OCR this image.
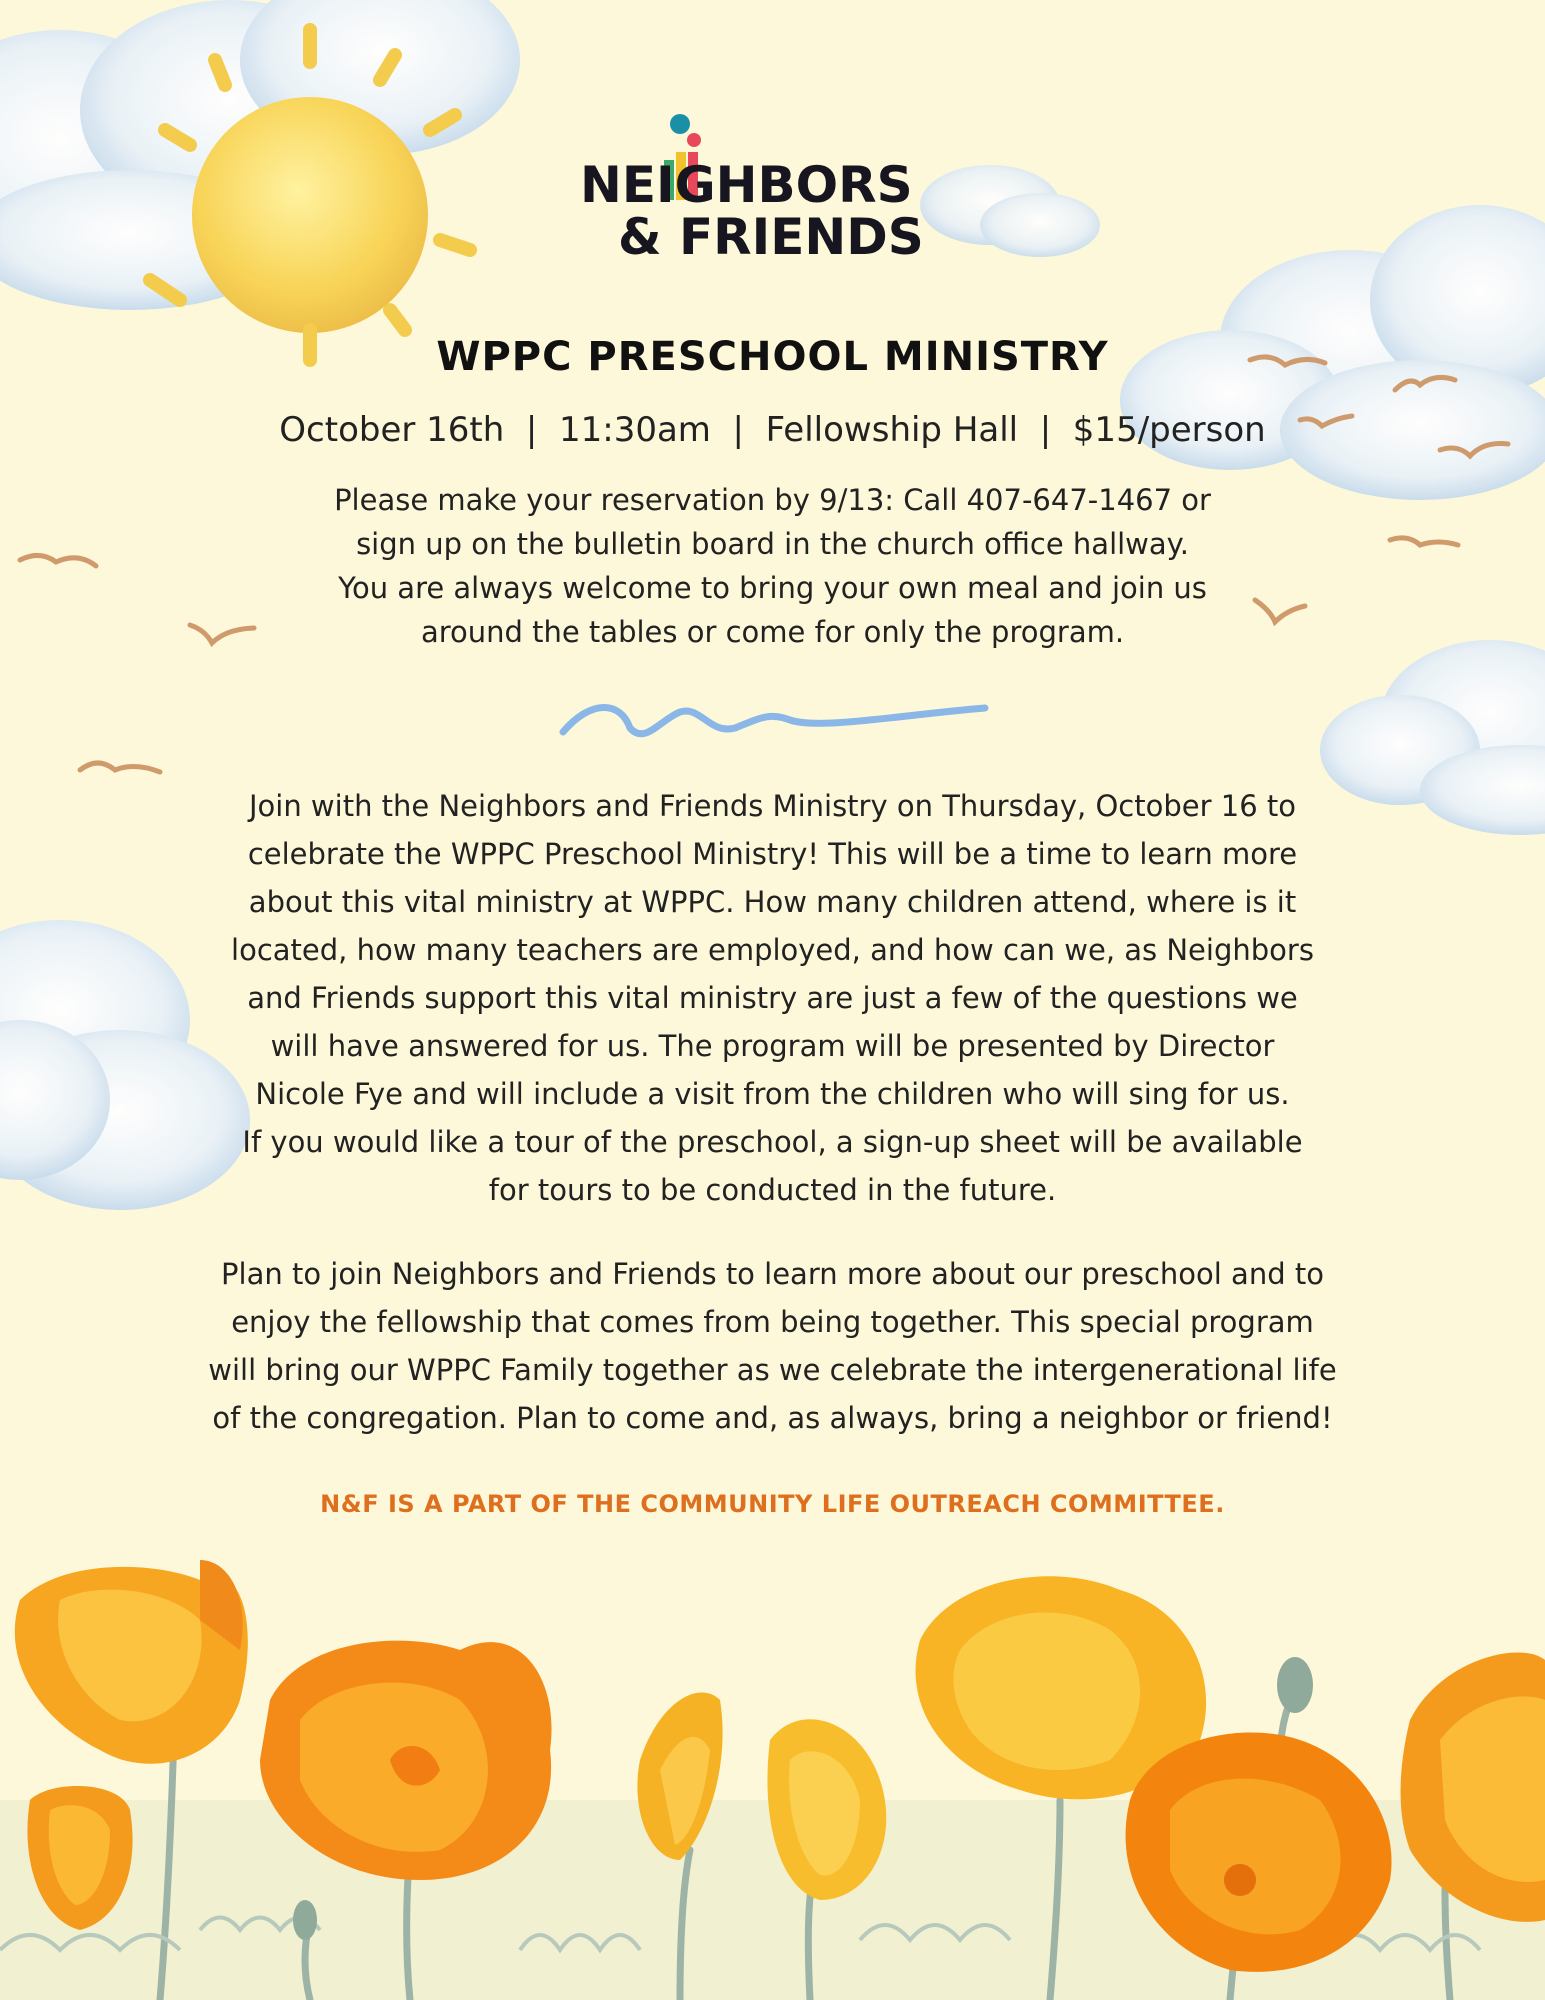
NEIGHBORS
& FRIENDS
WPPC PRESCHOOL MINISTRY
October 16th  |  11:30am  |  Fellowship Hall  |  $15/person
Please make your reservation by 9/13: Call 407-647-1467 or
sign up on the bulletin board in the church office hallway.
You are always welcome to bring your own meal and join us
around the tables or come for only the program.
Join with the Neighbors and Friends Ministry on Thursday, October 16 to
celebrate the WPPC Preschool Ministry! This will be a time to learn more
about this vital ministry at WPPC. How many children attend, where is it
located, how many teachers are employed, and how can we, as Neighbors
and Friends support this vital ministry are just a few of the questions we
will have answered for us. The program will be presented by Director
Nicole Fye and will include a visit from the children who will sing for us.
If you would like a tour of the preschool, a sign-up sheet will be available
for tours to be conducted in the future.
Plan to join Neighbors and Friends to learn more about our preschool and to
enjoy the fellowship that comes from being together. This special program
will bring our WPPC Family together as we celebrate the intergenerational life
of the congregation. Plan to come and, as always, bring a neighbor or friend!
N&F IS A PART OF THE COMMUNITY LIFE OUTREACH COMMITTEE.
